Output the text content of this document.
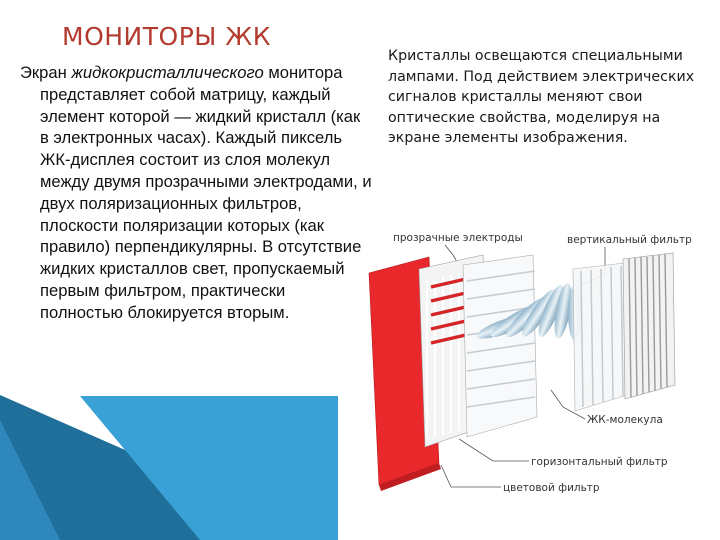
МОНИТОРЫ ЖК
Экран жидкокристаллического монитора представляет собой матрицу, каждый элемент которой — жидкий кристалл (как в электронных часах). Каждый пиксель ЖК-дисплея состоит из слоя молекул между двумя прозрачными электродами, и двух поляризационных фильтров, плоскости поляризации которых (как правило) перпендикулярны. В отсутствие жидких кристаллов свет, пропускаемый первым фильтром, практически полностью блокируется вторым.
Кристаллы освещаются специальными лампами. Под действием электрических сигналов кристаллы меняют свои оптические свойства, моделируя на экране элементы изображения.
прозрачные электроды	вертикальный фильтр
ЖК-молекула
горизонтальный фильтр
цветовой фильтр
